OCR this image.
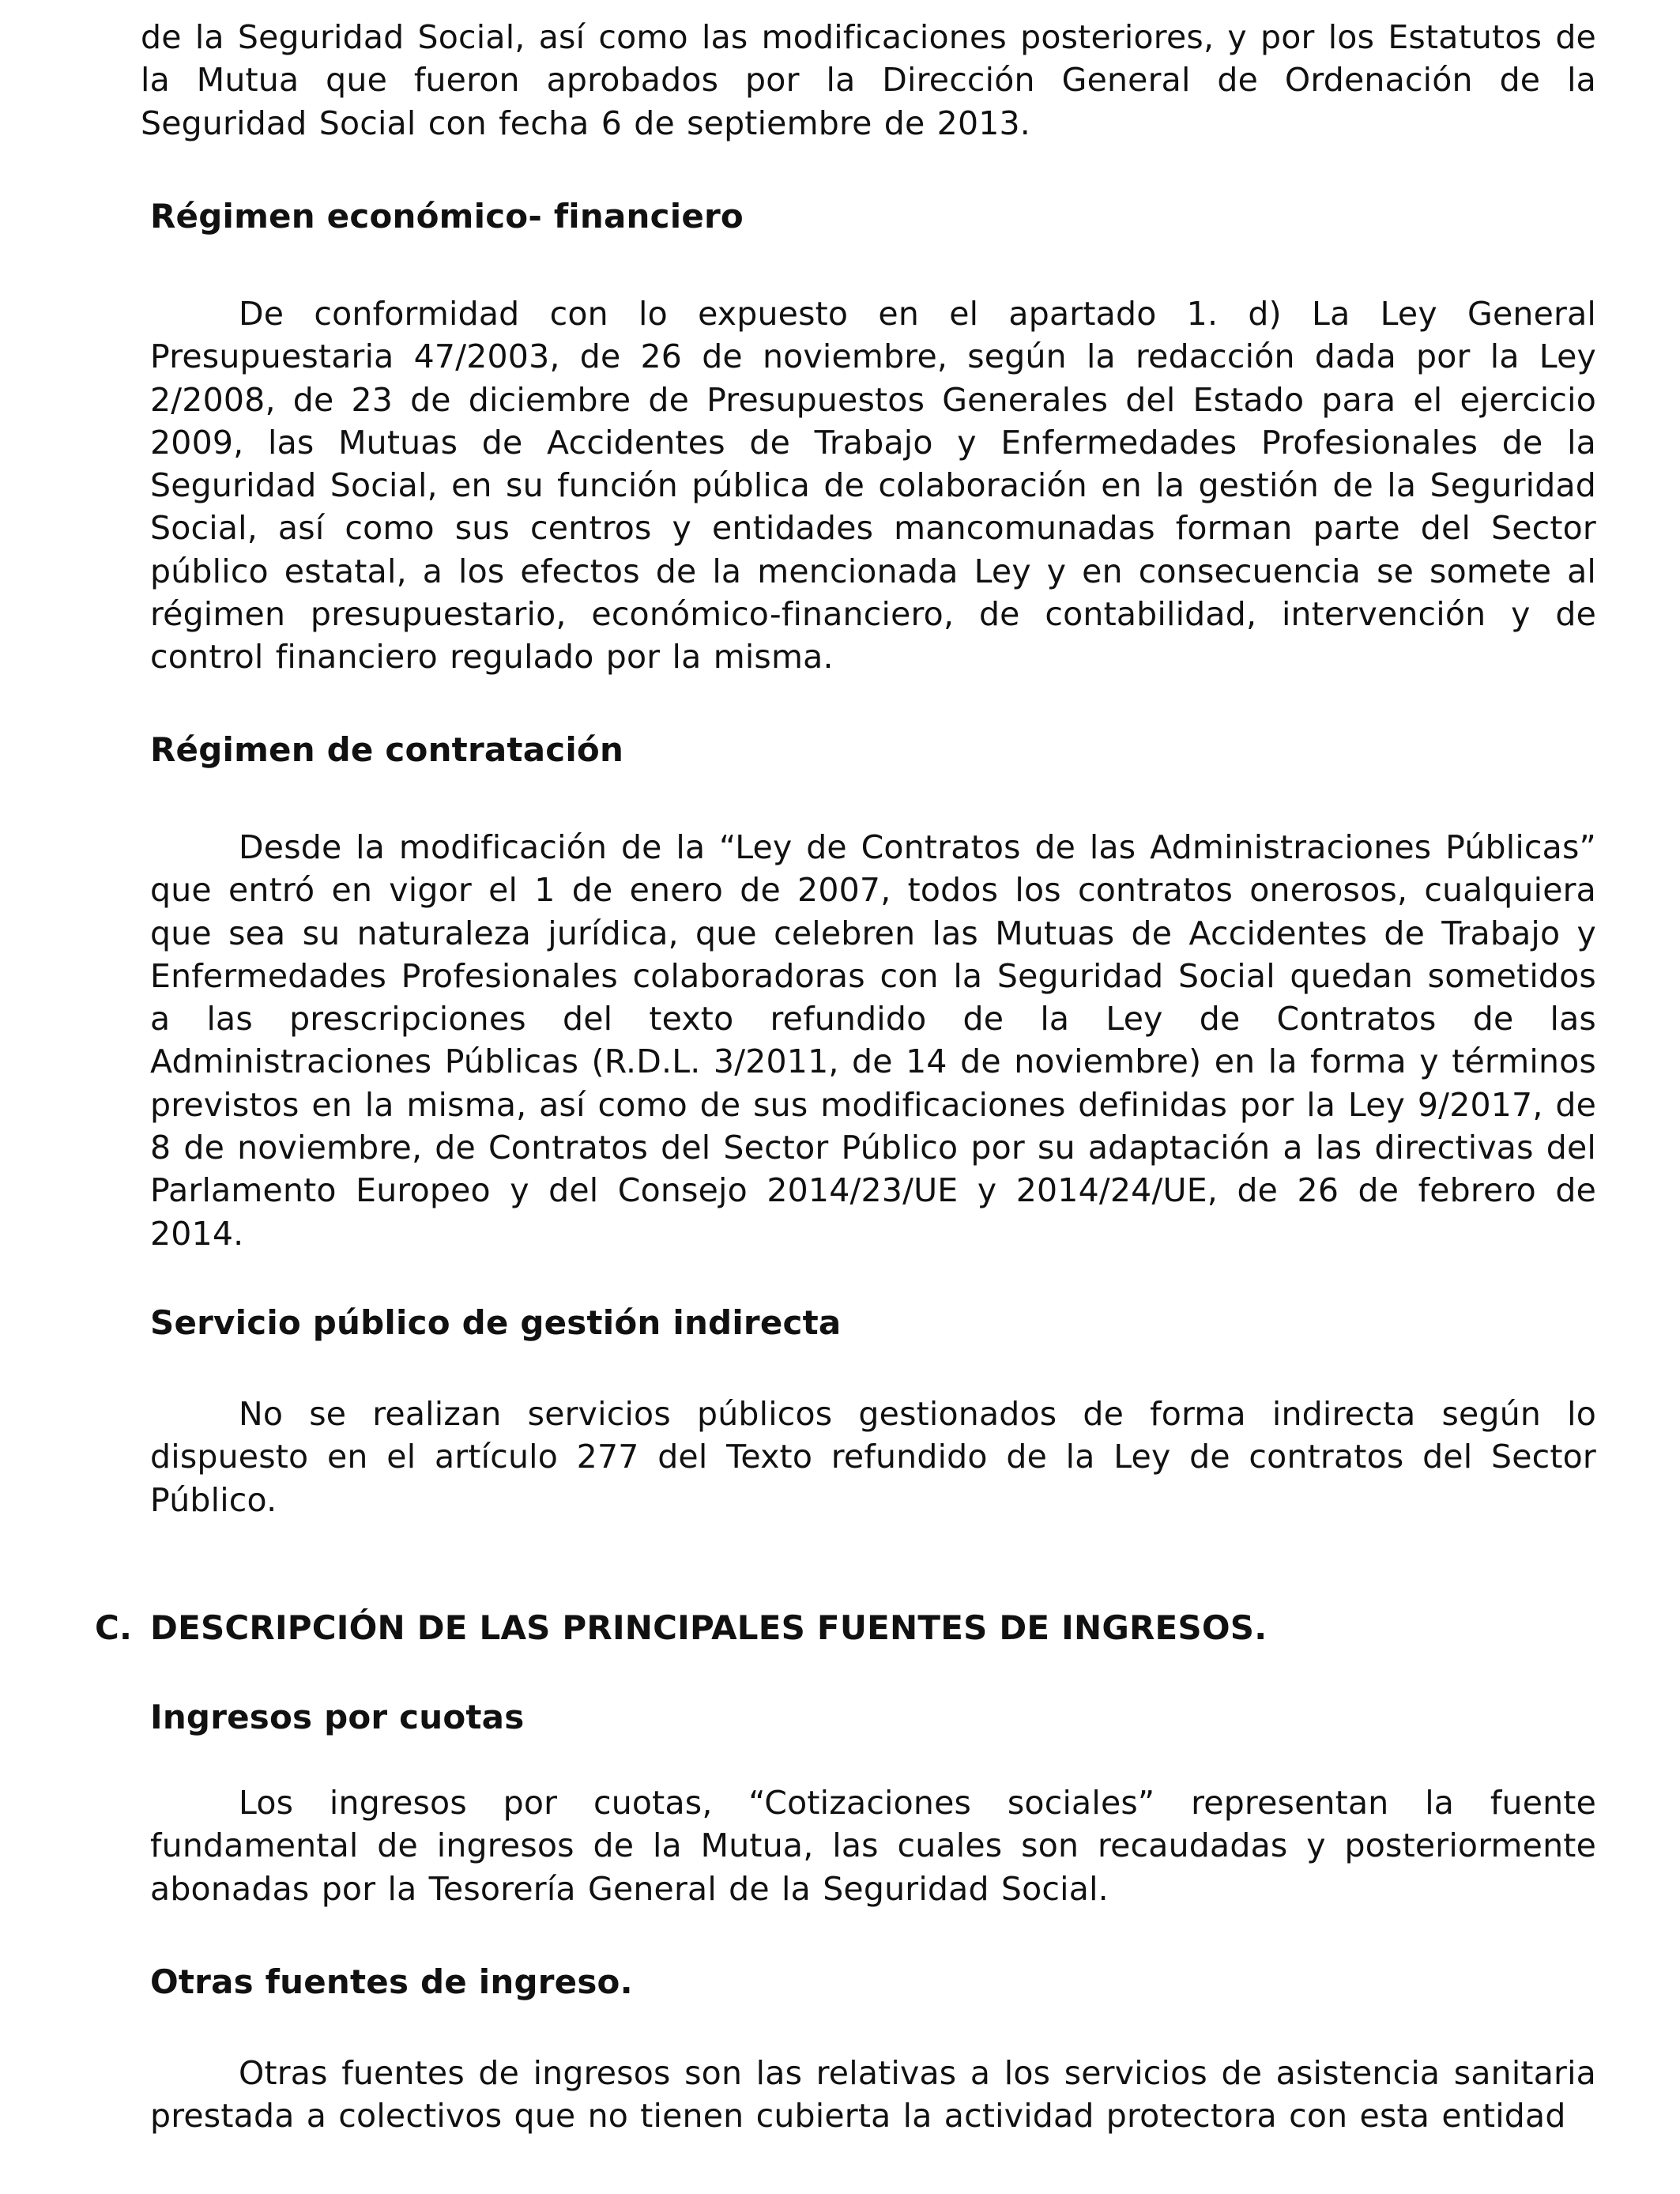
de la Seguridad Social, así como las modificaciones posteriores, y por los Estatutos de la Mutua que fueron aprobados por la Dirección General de Ordenación de la Seguridad Social con fecha 6 de septiembre de 2013.

Régimen económico- financiero

De conformidad con lo expuesto en el apartado 1. d) La Ley General Presupuestaria 47/2003, de 26 de noviembre, según la redacción dada por la Ley 2/2008, de 23 de diciembre de Presupuestos Generales del Estado para el ejercicio 2009, las Mutuas de Accidentes de Trabajo y Enfermedades Profesionales de la Seguridad Social, en su función pública de colaboración en la gestión de la Seguridad Social, así como sus centros y entidades mancomunadas forman parte del Sector público estatal, a los efectos de la mencionada Ley y en consecuencia se somete al régimen presupuestario, económico-financiero, de contabilidad, intervención y de control financiero regulado por la misma.

Régimen de contratación

Desde la modificación de la “Ley de Contratos de las Administraciones Públicas” que entró en vigor el 1 de enero de 2007, todos los contratos onerosos, cualquiera que sea su naturaleza jurídica, que celebren las Mutuas de Accidentes de Trabajo y Enfermedades Profesionales colaboradoras con la Seguridad Social quedan sometidos a las prescripciones del texto refundido de la Ley de Contratos de las Administraciones Públicas (R.D.L. 3/2011, de 14 de noviembre) en la forma y términos previstos en la misma, así como de sus modificaciones definidas por la Ley 9/2017, de 8 de noviembre, de Contratos del Sector Público por su adaptación a las directivas del Parlamento Europeo y del Consejo 2014/23/UE y 2014/24/UE, de 26 de febrero de 2014.

Servicio público de gestión indirecta

No se realizan servicios públicos gestionados de forma indirecta según lo dispuesto en el artículo 277 del Texto refundido de la Ley de contratos del Sector Público.

C. DESCRIPCIÓN DE LAS PRINCIPALES FUENTES DE INGRESOS.
Ingresos por cuotas

Los ingresos por cuotas, “Cotizaciones sociales” representan la fuente fundamental de ingresos de la Mutua, las cuales son recaudadas y posteriormente abonadas por la Tesorería General de la Seguridad Social.

Otras fuentes de ingreso.

Otras fuentes de ingresos son las relativas a los servicios de asistencia sanitaria prestada a colectivos que no tienen cubierta la actividad protectora con esta entidad
